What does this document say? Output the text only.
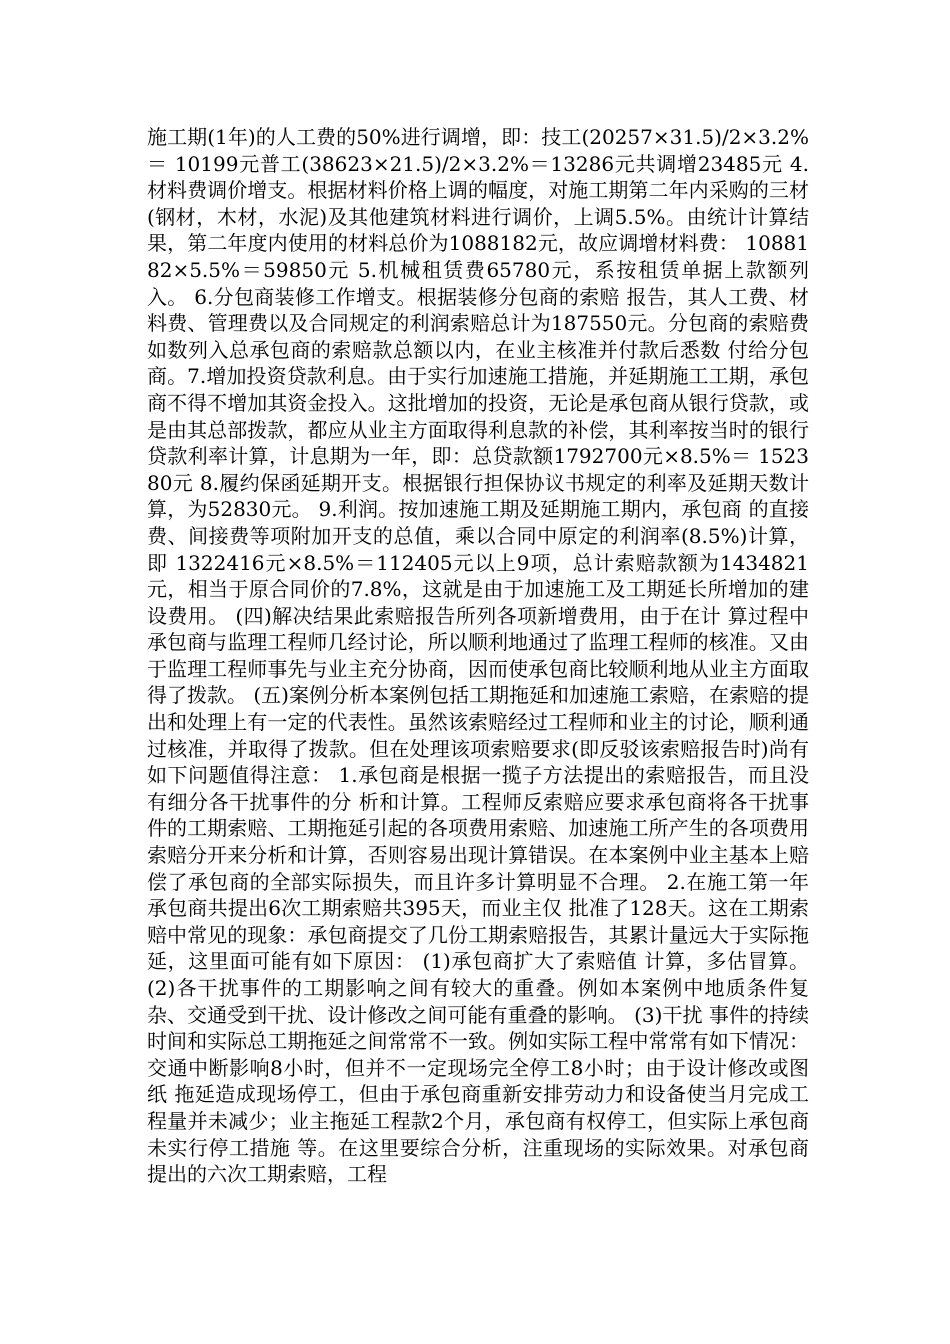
施工期(1年)的人工费的50%进行调增，即：技工(20257×31.5)/2×3.2%＝ 10199元普工(38623×21.5)/2×3.2%＝13286元共调增23485元 4.材料费调价增支。根据材料价格上调的幅度，对施工期第二年内采购的三材(钢材，木材，水泥)及其他建筑材料进行调价，上调5.5%。由统计计算结果，第二年度内使用的材料总价为1088182元，故应调增材料费： 1088182×5.5%＝59850元 5.机械租赁费65780元，系按租赁单据上款额列入。 6.分包商装修工作增支。根据装修分包商的索赔 报告，其人工费、材料费、管理费以及合同规定的利润索赔总计为187550元。分包商的索赔费如数列入总承包商的索赔款总额以内，在业主核准并付款后悉数 付给分包商。7.增加投资贷款利息。由于实行加速施工措施，并延期施工工期，承包商不得不增加其资金投入。这批增加的投资，无论是承包商从银行贷款，或是由其总部拨款，都应从业主方面取得利息款的补偿，其利率按当时的银行贷款利率计算，计息期为一年，即：总贷款额1792700元×8.5%＝ 152380元 8.履约保函延期开支。根据银行担保协议书规定的利率及延期天数计算，为52830元。 9.利润。按加速施工期及延期施工期内，承包商 的直接费、间接费等项附加开支的总值，乘以合同中原定的利润率(8.5%)计算，即 1322416元×8.5%＝112405元以上9项，总计索赔款额为1434821元，相当于原合同价的7.8%，这就是由于加速施工及工期延长所增加的建设费用。 (四)解决结果此索赔报告所列各项新增费用，由于在计 算过程中承包商与监理工程师几经讨论，所以顺利地通过了监理工程师的核准。又由于监理工程师事先与业主充分协商，因而使承包商比较顺利地从业主方面取得了拨款。 (五)案例分析本案例包括工期拖延和加速施工索赔，在索赔的提出和处理上有一定的代表性。虽然该索赔经过工程师和业主的讨论，顺利通过核准，并取得了拨款。但在处理该项索赔要求(即反驳该索赔报告时)尚有如下问题值得注意： 1.承包商是根据一揽子方法提出的索赔报告，而且没有细分各干扰事件的分 析和计算。工程师反索赔应要求承包商将各干扰事件的工期索赔、工期拖延引起的各项费用索赔、加速施工所产生的各项费用索赔分开来分析和计算，否则容易出现计算错误。在本案例中业主基本上赔偿了承包商的全部实际损失，而且许多计算明显不合理。 2.在施工第一年承包商共提出6次工期索赔共395天，而业主仅 批准了128天。这在工期索赔中常见的现象：承包商提交了几份工期索赔报告，其累计量远大于实际拖延，这里面可能有如下原因： (1)承包商扩大了索赔值 计算，多估冒算。 (2)各干扰事件的工期影响之间有较大的重叠。例如本案例中地质条件复杂、交通受到干扰、设计修改之间可能有重叠的影响。 (3)干扰 事件的持续时间和实际总工期拖延之间常常不一致。例如实际工程中常常有如下情况：交通中断影响8小时，但并不一定现场完全停工8小时；由于设计修改或图纸 拖延造成现场停工，但由于承包商重新安排劳动力和设备使当月完成工程量并未减少；业主拖延工程款2个月，承包商有权停工，但实际上承包商未实行停工措施 等。在这里要综合分析，注重现场的实际效果。对承包商提出的六次工期索赔，工程
